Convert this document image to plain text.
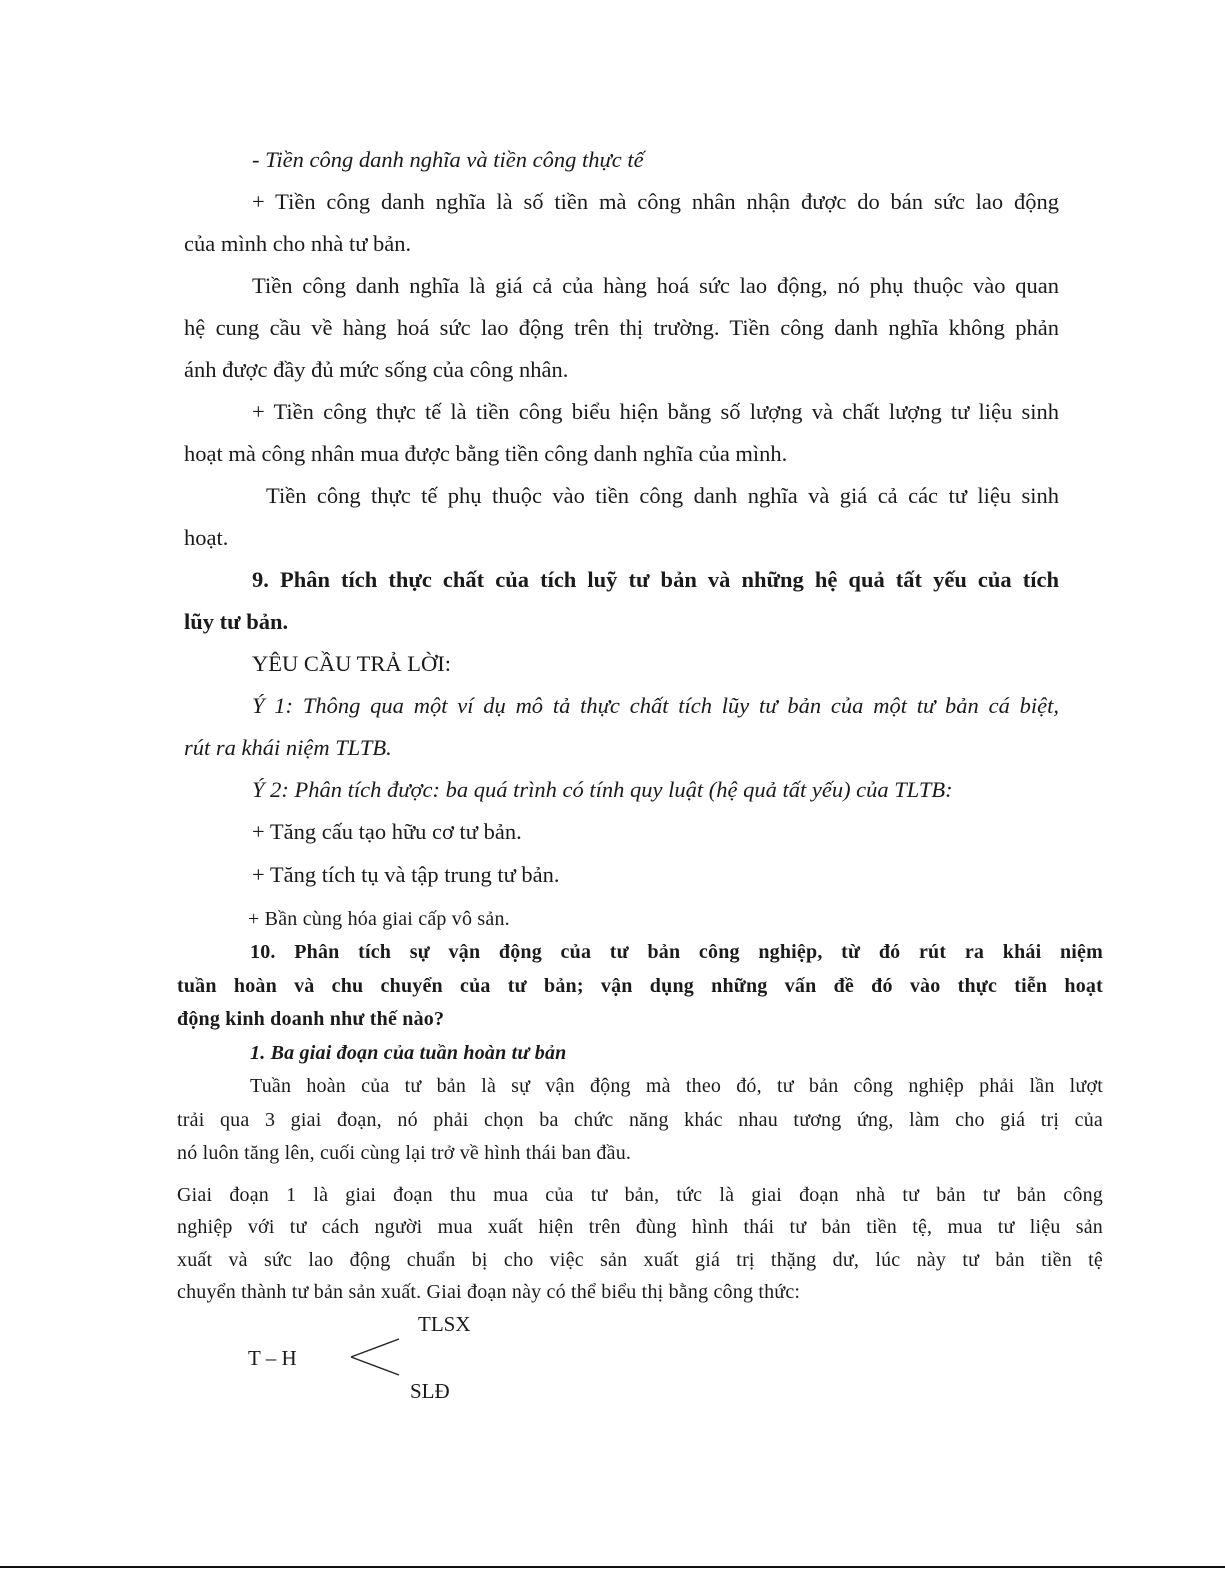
- Tiền công danh nghĩa và tiền công thực tế

+ Tiền công danh nghĩa là số tiền mà công nhân nhận được do bán sức lao động

của mình cho nhà tư bản.

Tiền công danh nghĩa là giá cả của hàng hoá sức lao động, nó phụ thuộc vào quan

hệ cung cầu về hàng hoá sức lao động trên thị trường. Tiền công danh nghĩa không phản

ánh được đầy đủ mức sống của công nhân.

+ Tiền công thực tế là tiền công biểu hiện bằng số lượng và chất lượng tư liệu sinh

hoạt mà công nhân mua được bằng tiền công danh nghĩa của mình.

Tiền công thực tế phụ thuộc vào tiền công danh nghĩa và giá cả các tư liệu sinh

hoạt.

9. Phân tích thực chất của tích luỹ tư bản và những hệ quả tất yếu của tích

lũy tư bản.

YÊU CẦU TRẢ LỜI:

Ý 1: Thông qua một ví dụ mô tả thực chất tích lũy tư bản của một tư bản cá biệt,

rút ra khái niệm TLTB.

Ý 2: Phân tích được: ba quá trình có tính quy luật (hệ quả tất yếu) của TLTB:

+ Tăng cấu tạo hữu cơ tư bản.

+ Tăng tích tụ và tập trung tư bản.

+ Bần cùng hóa giai cấp vô sản.

10. Phân tích sự vận động của tư bản công nghiệp, từ đó rút ra khái niệm

tuần hoàn và chu chuyển của tư bản; vận dụng những vấn đề đó vào thực tiễn hoạt

động kinh doanh như thế nào?

1. Ba giai đoạn của tuần hoàn tư bản

Tuần hoàn của tư bản là sự vận động mà theo đó, tư bản công nghiệp phải lần lượt

trải qua 3 giai đoạn, nó phải chọn ba chức năng khác nhau tương ứng, làm cho giá trị của

nó luôn tăng lên, cuối cùng lại trở về hình thái ban đầu.

Giai đoạn 1 là giai đoạn thu mua của tư bản, tức là giai đoạn nhà tư bản tư bản công

nghiệp với tư cách người mua xuất hiện trên đùng hình thái tư bản tiền tệ, mua tư liệu sản

xuất và sức lao động chuẩn bị cho việc sản xuất giá trị thặng dư, lúc này tư bản tiền tệ

chuyển thành tư bản sản xuất. Giai đoạn này có thể biểu thị bằng công thức:

TLSX
T – H
SLĐ
